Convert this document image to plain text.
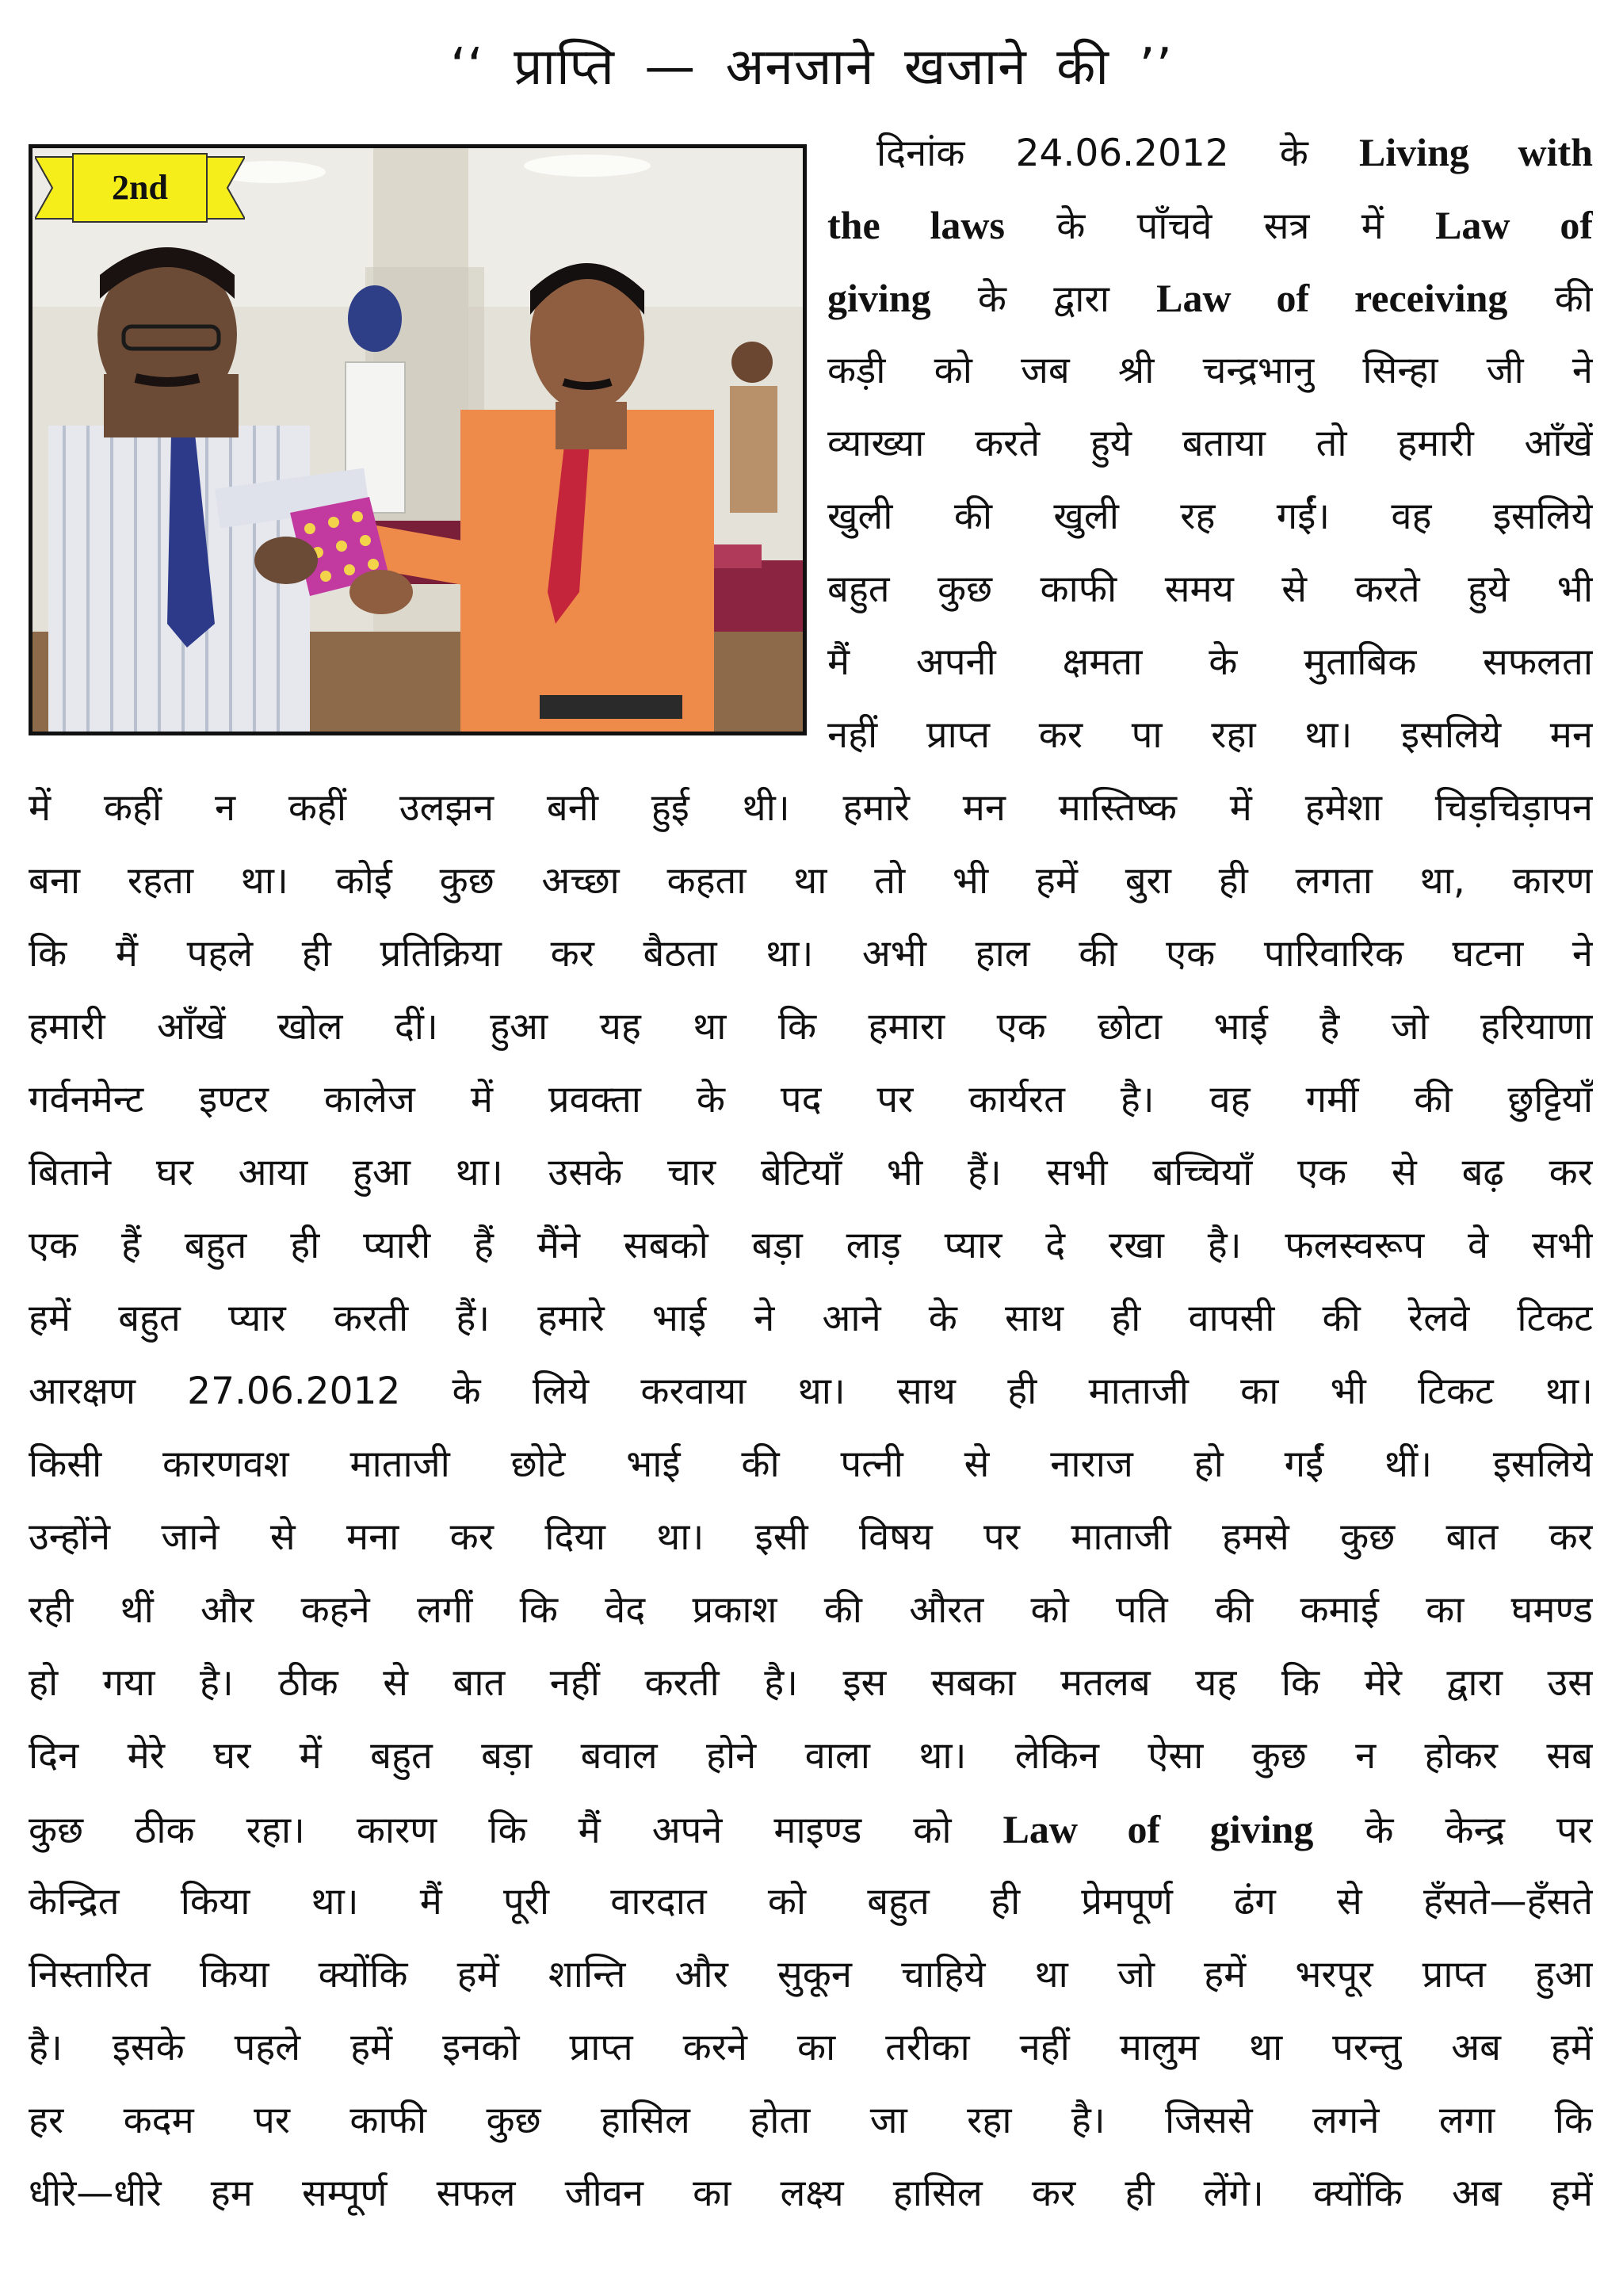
‘‘ प्राप्ति — अनजाने खजाने की ’’
2nd
दिनांक 24.06.2012 के Living with
the laws के पाँचवे सत्र में Law of
giving के द्वारा Law of receiving की
कड़ी को जब श्री चन्द्रभानु सिन्हा जी ने
व्याख्या करते हुये बताया तो हमारी आँखें
खुली की खुली रह गईं। वह इसलिये
बहुत कुछ काफी समय से करते हुये भी
मैं अपनी क्षमता के मुताबिक सफलता
नहीं प्राप्त कर पा रहा था। इसलिये मन
में कहीं न कहीं उलझन बनी हुई थी। हमारे मन मास्तिष्क में हमेशा चिड़चिड़ापन
बना रहता था। कोई कुछ अच्छा कहता था तो भी हमें बुरा ही लगता था, कारण
कि मैं पहले ही प्रतिक्रिया कर बैठता था। अभी हाल की एक पारिवारिक घटना ने
हमारी आँखें खोल दीं। हुआ यह था कि हमारा एक छोटा भाई है जो हरियाणा
गर्वनमेन्ट इण्टर कालेज में प्रवक्ता के पद पर कार्यरत है। वह गर्मी की छुट्टियाँ
बिताने घर आया हुआ था। उसके चार बेटियाँ भी हैं। सभी बच्चियाँ एक से बढ़ कर
एक हैं बहुत ही प्यारी हैं मैंने सबको बड़ा लाड़ प्यार दे रखा है। फलस्वरूप वे सभी
हमें बहुत प्यार करती हैं। हमारे भाई ने आने के साथ ही वापसी की रेलवे टिकट
आरक्षण 27.06.2012 के लिये करवाया था। साथ ही माताजी का भी टिकट था।
किसी कारणवश माताजी छोटे भाई की पत्नी से नाराज हो गईं थीं। इसलिये
उन्होंने जाने से मना कर दिया था। इसी विषय पर माताजी हमसे कुछ बात कर
रही थीं और कहने लगीं कि वेद प्रकाश की औरत को पति की कमाई का घमण्ड
हो गया है। ठीक से बात नहीं करती है। इस सबका मतलब यह कि मेरे द्वारा उस
दिन मेरे घर में बहुत बड़ा बवाल होने वाला था। लेकिन ऐसा कुछ न होकर सब
कुछ ठीक रहा। कारण कि मैं अपने माइण्ड को Law of giving के केन्द्र पर
केन्द्रित किया था। मैं पूरी वारदात को बहुत ही प्रेमपूर्ण ढंग से हँसते—हँसते
निस्तारित किया क्योंकि हमें शान्ति और सुकून चाहिये था जो हमें भरपूर प्राप्त हुआ
है। इसके पहले हमें इनको प्राप्त करने का तरीका नहीं मालुम था परन्तु अब हमें
हर कदम पर काफी कुछ हासिल होता जा रहा है। जिससे लगने लगा कि
धीरे—धीरे हम सम्पूर्ण सफल जीवन का लक्ष्य हासिल कर ही लेंगे। क्योंकि अब हमें
